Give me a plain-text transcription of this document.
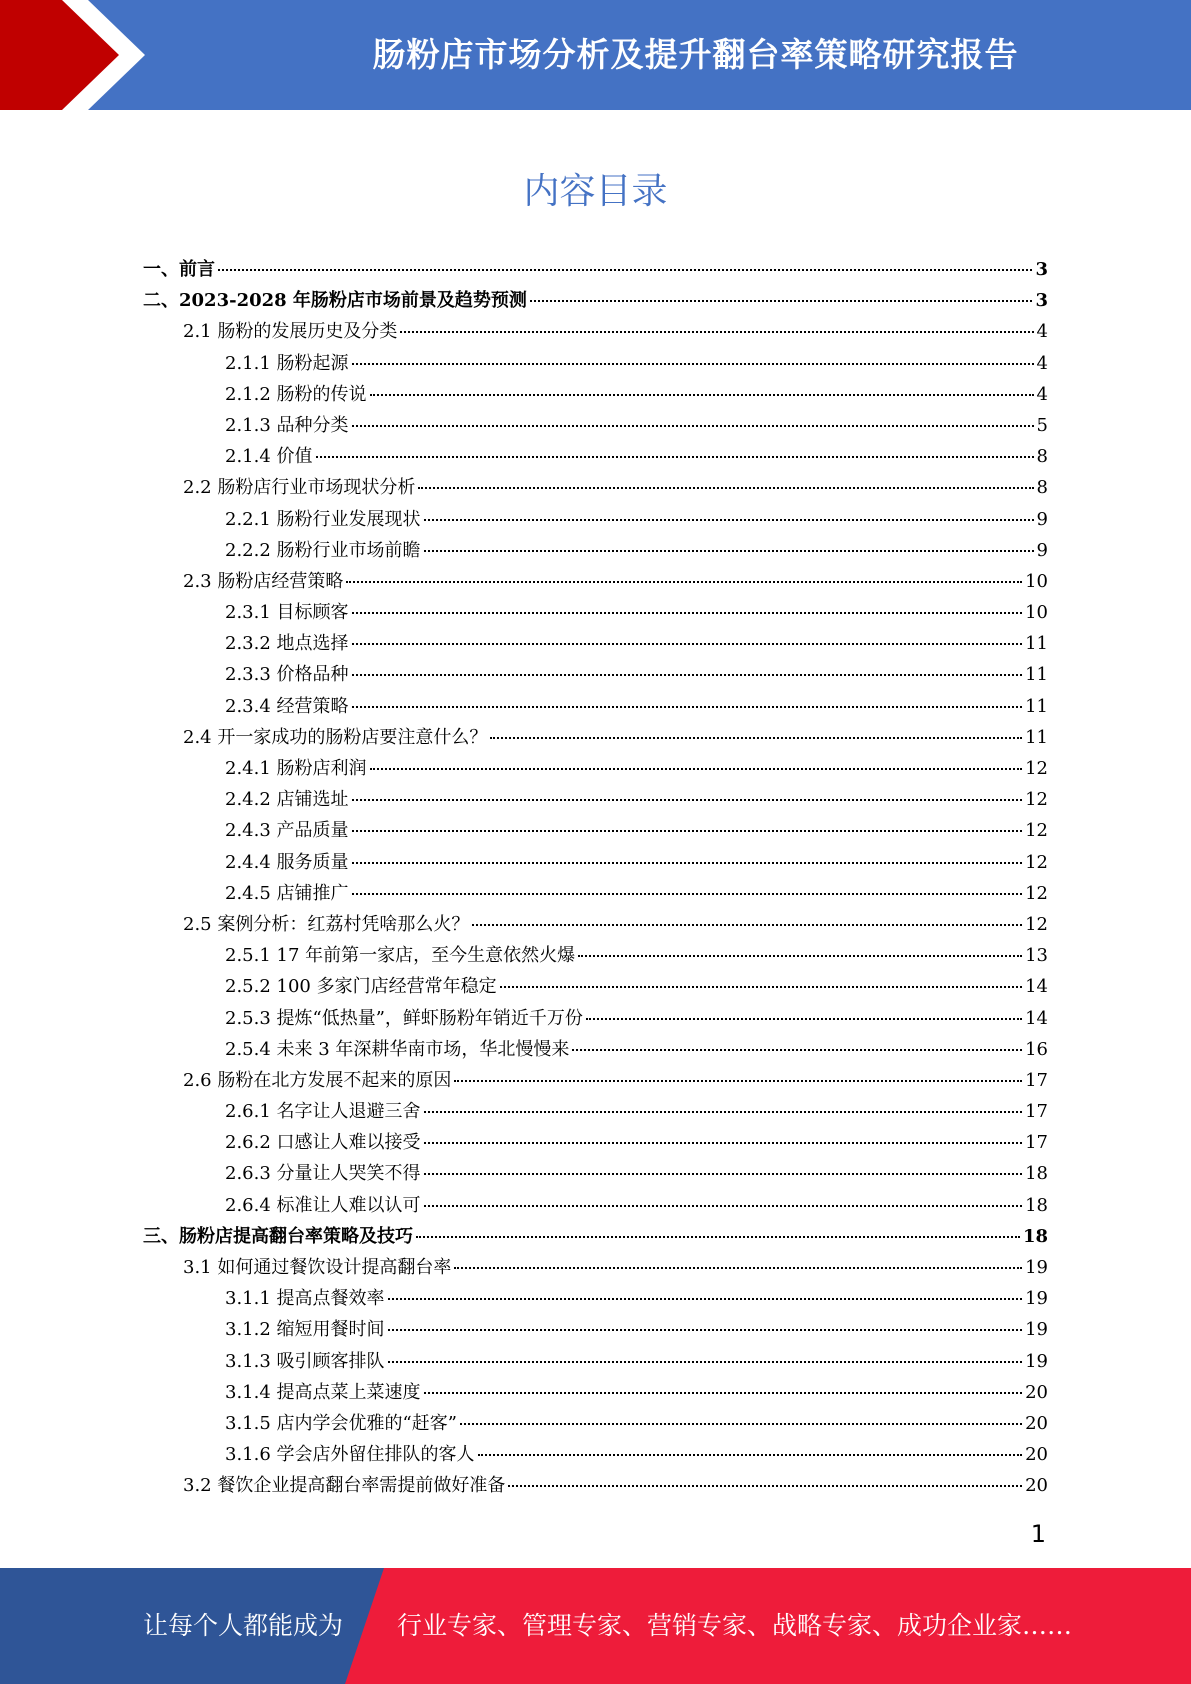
肠粉店市场分析及提升翻台率策略研究报告
内容目录
一、前言	3
二、2023-2028 年肠粉店市场前景及趋势预测	3
2.1 肠粉的发展历史及分类	4
2.1.1 肠粉起源	4
2.1.2 肠粉的传说	4
2.1.3 品种分类	5
2.1.4 价值	8
2.2 肠粉店行业市场现状分析	8
2.2.1 肠粉行业发展现状	9
2.2.2 肠粉行业市场前瞻	9
2.3 肠粉店经营策略	10
2.3.1 目标顾客	10
2.3.2 地点选择	11
2.3.3 价格品种	11
2.3.4 经营策略	11
2.4 开一家成功的肠粉店要注意什么？	11
2.4.1 肠粉店利润	12
2.4.2 店铺选址	12
2.4.3 产品质量	12
2.4.4 服务质量	12
2.4.5 店铺推广	12
2.5 案例分析：红荔村凭啥那么火？	12
2.5.1 17 年前第一家店，至今生意依然火爆	13
2.5.2 100 多家门店经营常年稳定	14
2.5.3 提炼“低热量”，鲜虾肠粉年销近千万份	14
2.5.4 未来 3 年深耕华南市场，华北慢慢来	16
2.6 肠粉在北方发展不起来的原因	17
2.6.1 名字让人退避三舍	17
2.6.2 口感让人难以接受	17
2.6.3 分量让人哭笑不得	18
2.6.4 标准让人难以认可	18
三、肠粉店提高翻台率策略及技巧	18
3.1 如何通过餐饮设计提高翻台率	19
3.1.1 提高点餐效率	19
3.1.2 缩短用餐时间	19
3.1.3 吸引顾客排队	19
3.1.4 提高点菜上菜速度	20
3.1.5 店内学会优雅的“赶客”	20
3.1.6 学会店外留住排队的客人	20
3.2 餐饮企业提高翻台率需提前做好准备	20
1
让每个人都能成为 行业专家、管理专家、营销专家、战略专家、成功企业家……
